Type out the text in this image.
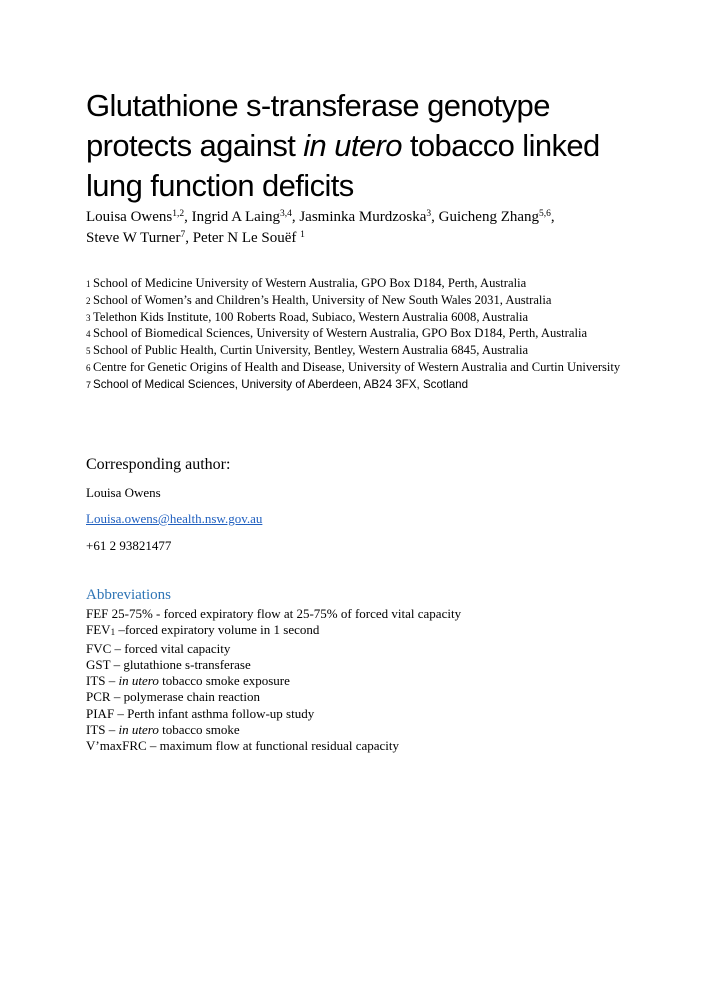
Glutathione s-transferase genotype protects against in utero tobacco linked lung function deficits
Louisa Owens$^{1,2}$, Ingrid A Laing$^{3,4}$, Jasminka Murdzoska$^3$, Guicheng Zhang$^{5,6}$,
Steve W Turner$^7$, Peter N Le Souëf $^1$
1 School of Medicine University of Western Australia, GPO Box D184, Perth, Australia
2 School of Women’s and Children’s Health, University of New South Wales 2031, Australia
3 Telethon Kids Institute, 100 Roberts Road, Subiaco, Western Australia 6008, Australia
4 School of Biomedical Sciences, University of Western Australia, GPO Box D184, Perth, Australia
5 School of Public Health, Curtin University, Bentley, Western Australia 6845, Australia
6 Centre for Genetic Origins of Health and Disease, University of Western Australia and Curtin University
7 School of Medical Sciences, University of Aberdeen, AB24 3FX, Scotland
Corresponding author:
Louisa Owens
Louisa.owens@health.nsw.gov.au
+61 2 93821477
Abbreviations
FEF 25-75% - forced expiratory flow at 25-75% of forced vital capacity
FEV1 –forced expiratory volume in 1 second
FVC – forced vital capacity
GST – glutathione s-transferase
ITS – in utero tobacco smoke exposure
PCR – polymerase chain reaction
PIAF – Perth infant asthma follow-up study
ITS – in utero tobacco smoke
V’maxFRC – maximum flow at functional residual capacity
